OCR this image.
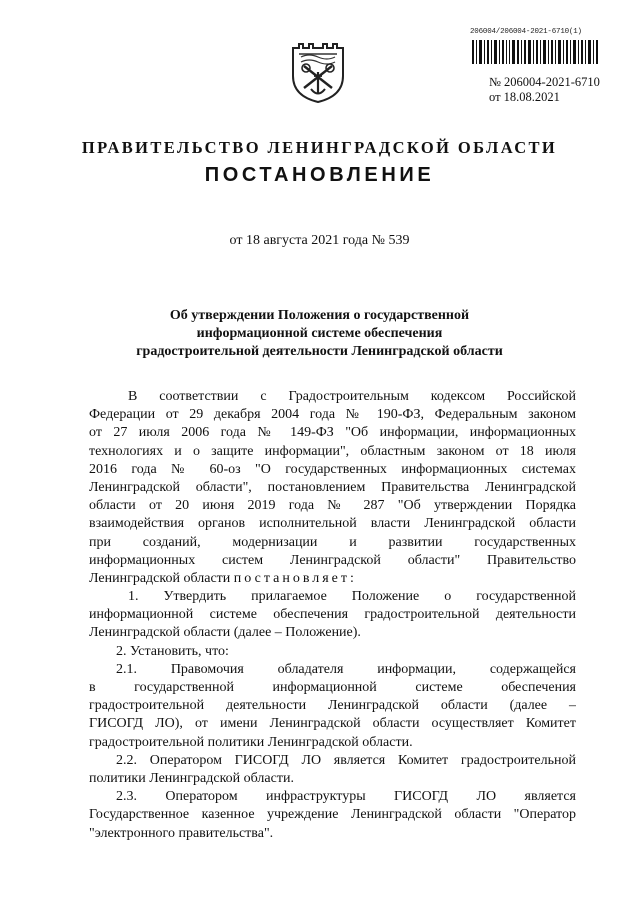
206004/206004-2021-6710(1)
№ 206004-2021-6710
от 18.08.2021
ПРАВИТЕЛЬСТВО ЛЕНИНГРАДСКОЙ ОБЛАСТИ
ПОСТАНОВЛЕНИЕ
от 18 августа 2021 года № 539
Об утверждении Положения о государственной
информационной системе обеспечения
градостроительной деятельности Ленинградской области
В соответствии с Градостроительным кодексом Российской
Федерации от 29 декабря 2004 года № 190-ФЗ, Федеральным законом
от 27 июля 2006 года № 149-ФЗ "Об информации, информационных
технологиях и о защите информации", областным законом от 18 июля
2016 года № 60-оз "О государственных информационных системах
Ленинградской области", постановлением Правительства Ленинградской
области от 20 июня 2019 года № 287 "Об утверждении Порядка
взаимодействия органов исполнительной власти Ленинградской области
при созданий, модернизации и развитии государственных
информационных систем Ленинградской области" Правительство
Ленинградской области постановляет:
1. Утвердить прилагаемое Положение о государственной
информационной системе обеспечения градостроительной деятельности
Ленинградской области (далее – Положение).
2. Установить, что:
2.1. Правомочия обладателя информации, содержащейся
в государственной информационной системе обеспечения
градостроительной деятельности Ленинградской области (далее –
ГИСОГД ЛО), от имени Ленинградской области осуществляет Комитет
градостроительной политики Ленинградской области.
2.2. Оператором ГИСОГД ЛО является Комитет градостроительной
политики Ленинградской области.
2.3. Оператором инфраструктуры ГИСОГД ЛО является
Государственное казенное учреждение Ленинградской области "Оператор
"электронного правительства".
